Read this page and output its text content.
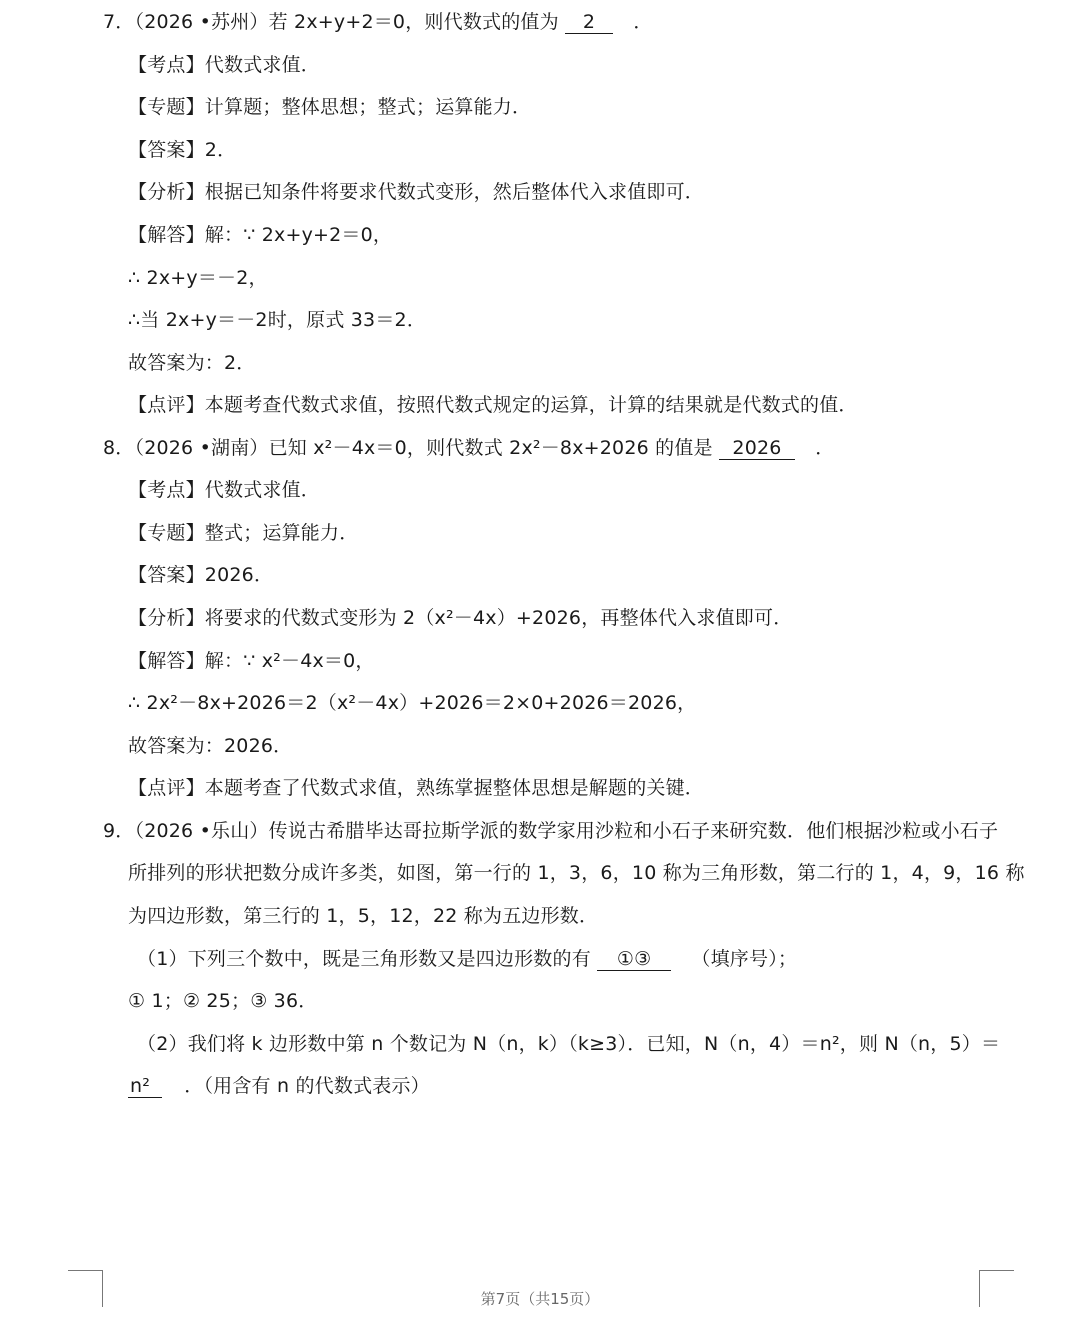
7．（2026 •苏州）若 2x+y+2＝0，则代数式的值为 2 ．
【考点】代数式求值．
【专题】计算题；整体思想；整式；运算能力．
【答案】2．
【分析】根据已知条件将要求代数式变形，然后整体代入求值即可．
【解答】解：∵ 2x+y+2＝0，
∴ 2x+y＝－2，
∴当 2x+y＝－2时，原式 33＝2．
故答案为：2．
【点评】本题考查代数式求值，按照代数式规定的运算，计算的结果就是代数式的值．
8．（2026 •湖南）已知 x²－4x＝0，则代数式 2x²－8x+2026 的值是 2026 ．
【考点】代数式求值．
【专题】整式；运算能力．
【答案】2026．
【分析】将要求的代数式变形为 2（x²－4x）+2026，再整体代入求值即可．
【解答】解：∵ x²－4x＝0，
∴ 2x²－8x+2026＝2（x²－4x）+2026＝2×0+2026＝2026，
故答案为：2026．
【点评】本题考查了代数式求值，熟练掌握整体思想是解题的关键．
9．（2026 •乐山）传说古希腊毕达哥拉斯学派的数学家用沙粒和小石子来研究数．他们根据沙粒或小石子
所排列的形状把数分成许多类，如图，第一行的 1，3，6，10 称为三角形数，第二行的 1，4，9，16 称
为四边形数，第三行的 1，5，12，22 称为五边形数．
（1）下列三个数中，既是三角形数又是四边形数的有 ①③ （填序号）；
① 1；② 25；③ 36．
（2）我们将 k 边形数中第 n 个数记为 N（n，k）（k≥3）．已知，N（n，4）＝n²，则 N（n，5）＝
n² ．（用含有 n 的代数式表示）
第7页（共15页）
